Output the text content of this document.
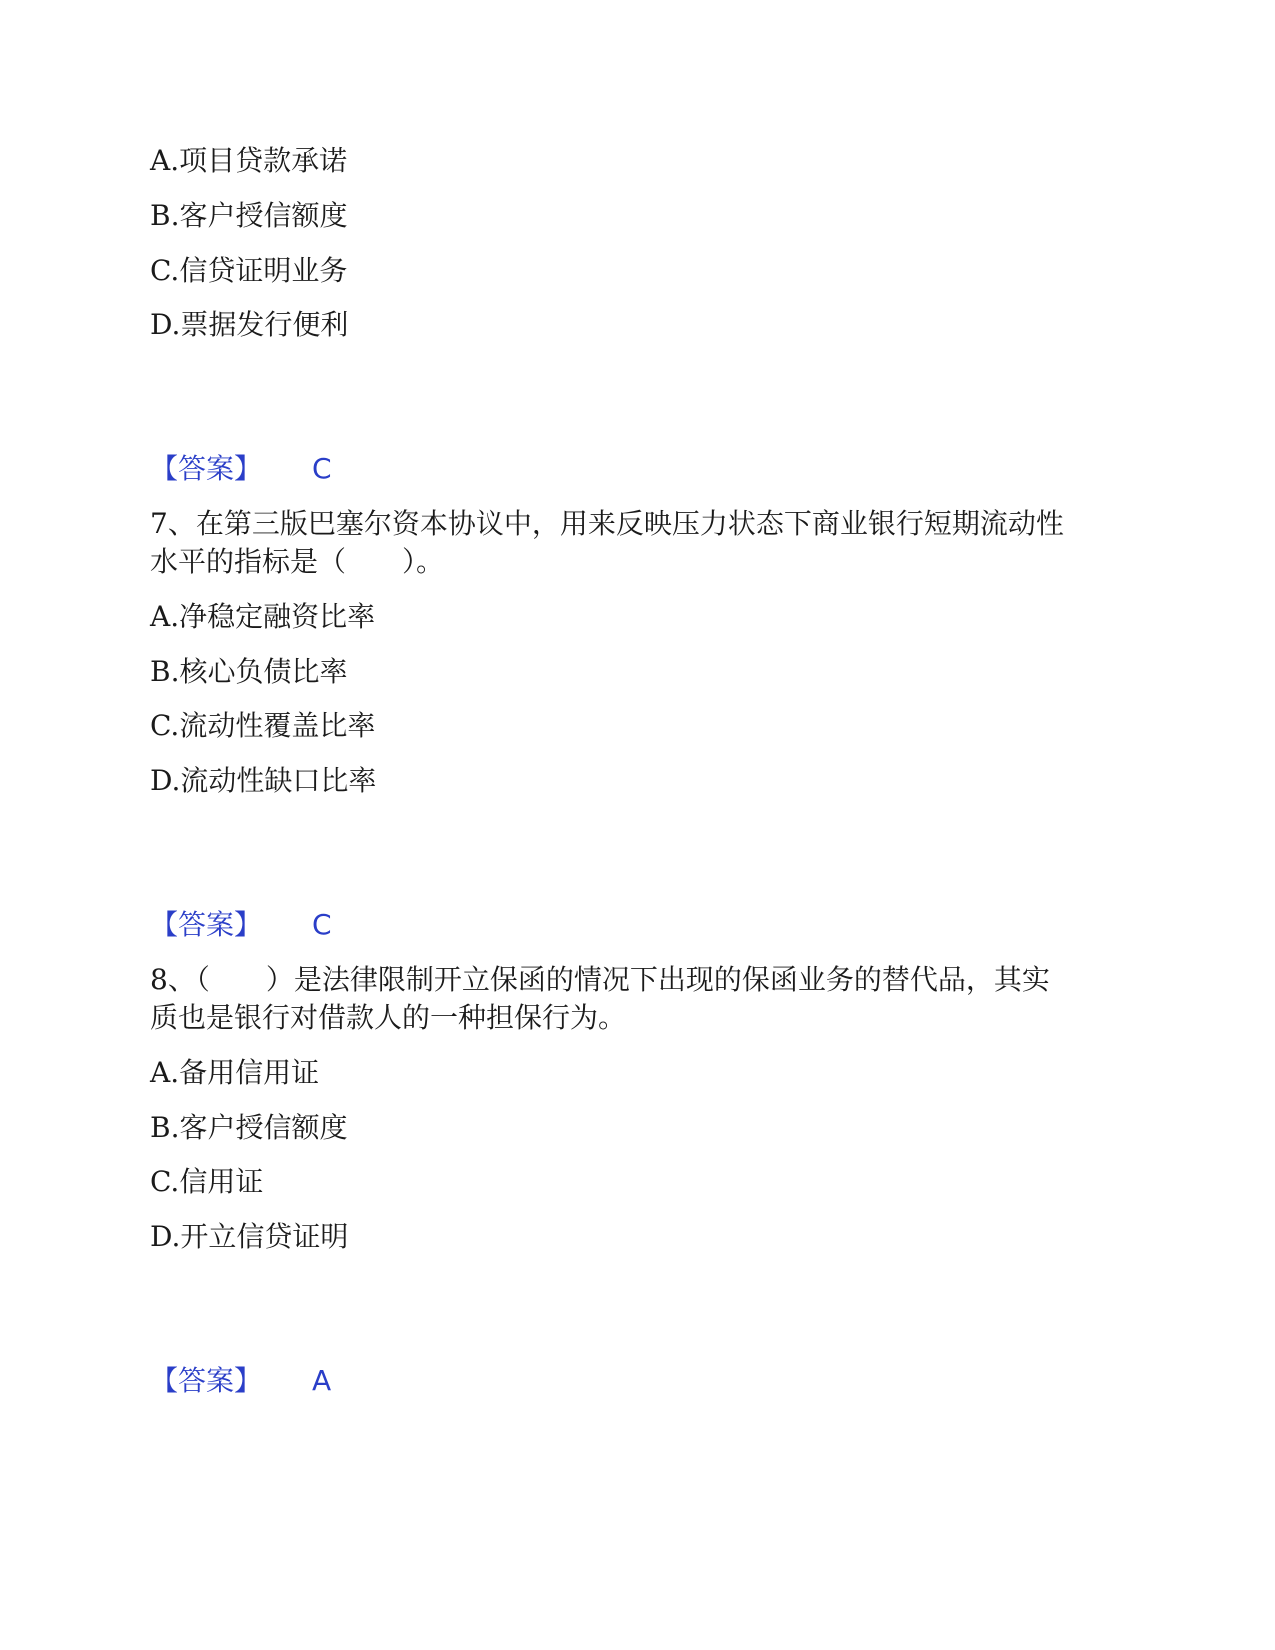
A.项目贷款承诺
B.客户授信额度
C.信贷证明业务
D.票据发行便利
【答案】 C
7、在第三版巴塞尔资本协议中，用来反映压力状态下商业银行短期流动性
水平的指标是（　　）。
A.净稳定融资比率
B.核心负债比率
C.流动性覆盖比率
D.流动性缺口比率
【答案】 C
8、（　　）是法律限制开立保函的情况下出现的保函业务的替代品，其实
质也是银行对借款人的一种担保行为。
A.备用信用证
B.客户授信额度
C.信用证
D.开立信贷证明
【答案】 A
